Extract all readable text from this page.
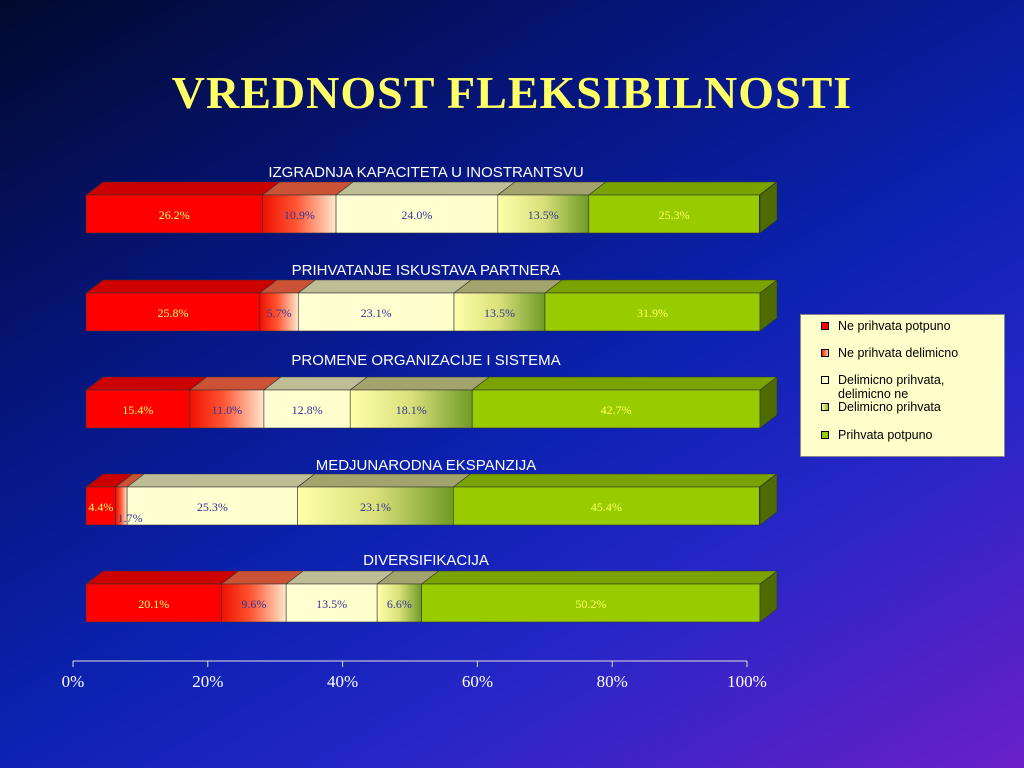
VREDNOST FLEKSIBILNOSTI
IZGRADNJA KAPACITETA U INOSTRANTSVU
26.2%	10.9%	24.0%	13.5%	25.3%
PRIHVATANJE ISKUSTAVA PARTNERA
25.8%	5.7%	23.1%	13.5%	31.9%
PROMENE ORGANIZACIJE I SISTEMA
15.4%	11.0%	12.8%	18.1%	42.7%
MEDJUNARODNA EKSPANZIJA
4.4%
1.7%
25.3%	23.1%	45.4%
DIVERSIFIKACIJA
20.1%	9.6%	13.5%	6.6%	50.2%
0%	20%	40%	60%	80%	100%
Ne prihvata potpuno
Ne prihvata delimicno
Delimicno prihvata, delimicno ne
Delimicno prihvata
Prihvata potpuno
